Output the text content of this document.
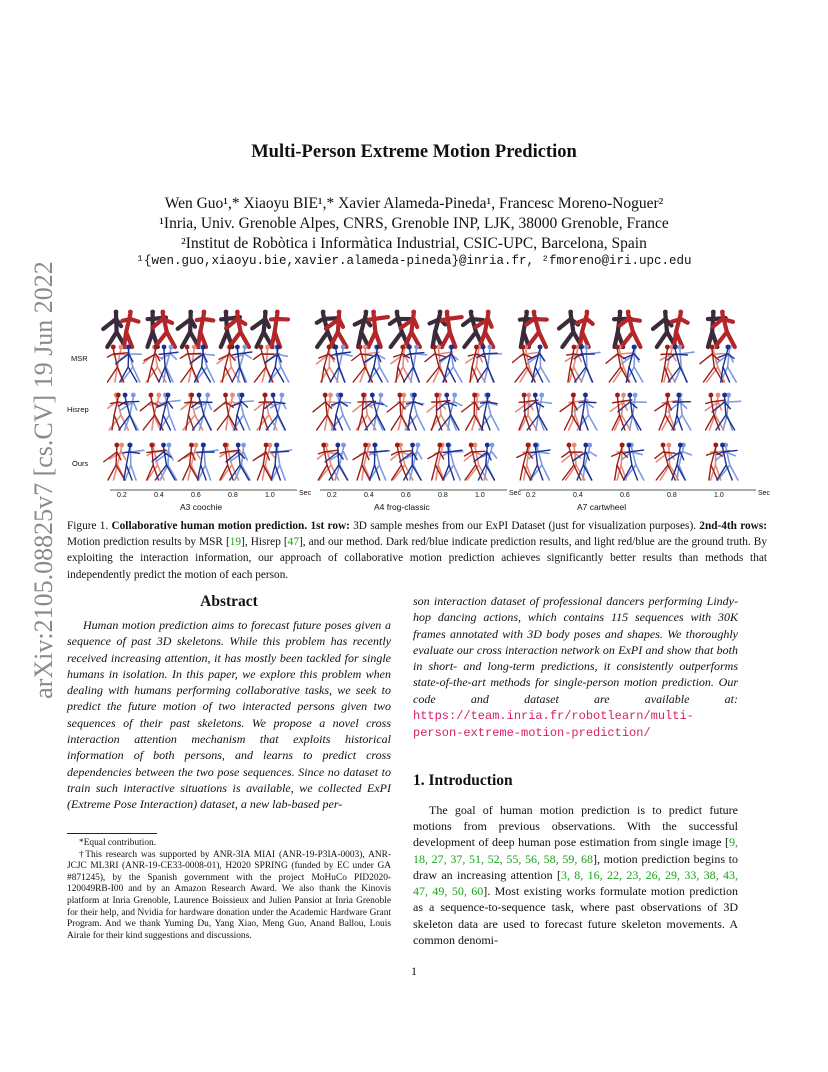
Multi-Person Extreme Motion Prediction
Wen Guo¹,* Xiaoyu BIE¹,* Xavier Alameda-Pineda¹, Francesc Moreno-Noguer²
¹Inria, Univ. Grenoble Alpes, CNRS, Grenoble INP, LJK, 38000 Grenoble, France
²Institut de Robòtica i Informàtica Industrial, CSIC-UPC, Barcelona, Spain
¹{wen.guo,xiaoyu.bie,xavier.alameda-pineda}@inria.fr, ²fmoreno@iri.upc.edu
arXiv:2105.08825v7 [cs.CV] 19 Jun 2022 MSR
Hisrep
Ours
0.2	0.4	0.6	0.8	1.0	Sec 0.2	0.4	0.6	0.8	1.0	Sec 0.2	0.4	0.6	0.8	1.0	Sec
A3 coochie	A4 frog-classic	A7 cartwheel
Figure 1. Collaborative human motion prediction. 1st row: 3D sample meshes from our ExPI Dataset (just for visualization purposes). 2nd-4th rows: Motion prediction results by MSR [19], Hisrep [47], and our method. Dark red/blue indicate prediction results, and light red/blue are the ground truth. By exploiting the interaction information, our approach of collaborative motion prediction achieves significantly better results than methods that independently predict the motion of each person.
Abstract
Human motion prediction aims to forecast future poses given a sequence of past 3D skeletons. While this problem has recently received increasing attention, it has mostly been tackled for single humans in isolation. In this paper, we explore this problem when dealing with humans performing collaborative tasks, we seek to predict the future motion of two interacted persons given two sequences of their past skeletons. We propose a novel cross interaction attention mechanism that exploits historical information of both persons, and learns to predict cross dependencies between the two pose sequences. Since no dataset to train such interactive situations is available, we collected ExPI (Extreme Pose Interaction) dataset, a new lab-based per-

*Equal contribution.

†This research was supported by ANR-3IA MIAI (ANR-19-P3IA-0003), ANR-JCJC ML3RI (ANR-19-CE33-0008-01), H2020 SPRING (funded by EC under GA #871245), by the Spanish government with the project MoHuCo PID2020-120049RB-I00 and by an Amazon Research Award. We also thank the Kinovis platform at Inria Grenoble, Laurence Boissieux and Julien Pansiot at Inria Grenoble for their help, and Nvidia for hardware donation under the Academic Hardware Grant Program. And we thank Yuming Du, Yang Xiao, Meng Guo, Anand Ballou, Louis Airale for their kind suggestions and discussions.

son interaction dataset of professional dancers performing Lindy-hop dancing actions, which contains 115 sequences with 30K frames annotated with 3D body poses and shapes. We thoroughly evaluate our cross interaction network on ExPI and show that both in short- and long-term predictions, it consistently outperforms state-of-the-art methods for single-person motion prediction. Our code and dataset are available at: https://team.inria.fr/robotlearn/multi-person-extreme-motion-prediction/
1. Introduction
The goal of human motion prediction is to predict future motions from previous observations. With the successful development of deep human pose estimation from single image [9, 18, 27, 37, 51, 52, 55, 56, 58, 59, 68], motion prediction begins to draw an increasing attention [3, 8, 16, 22, 23, 26, 29, 33, 38, 43, 47, 49, 50, 60]. Most existing works formulate motion prediction as a sequence-to-sequence task, where past observations of 3D skeleton data are used to forecast future skeleton movements. A common denomi-
1
